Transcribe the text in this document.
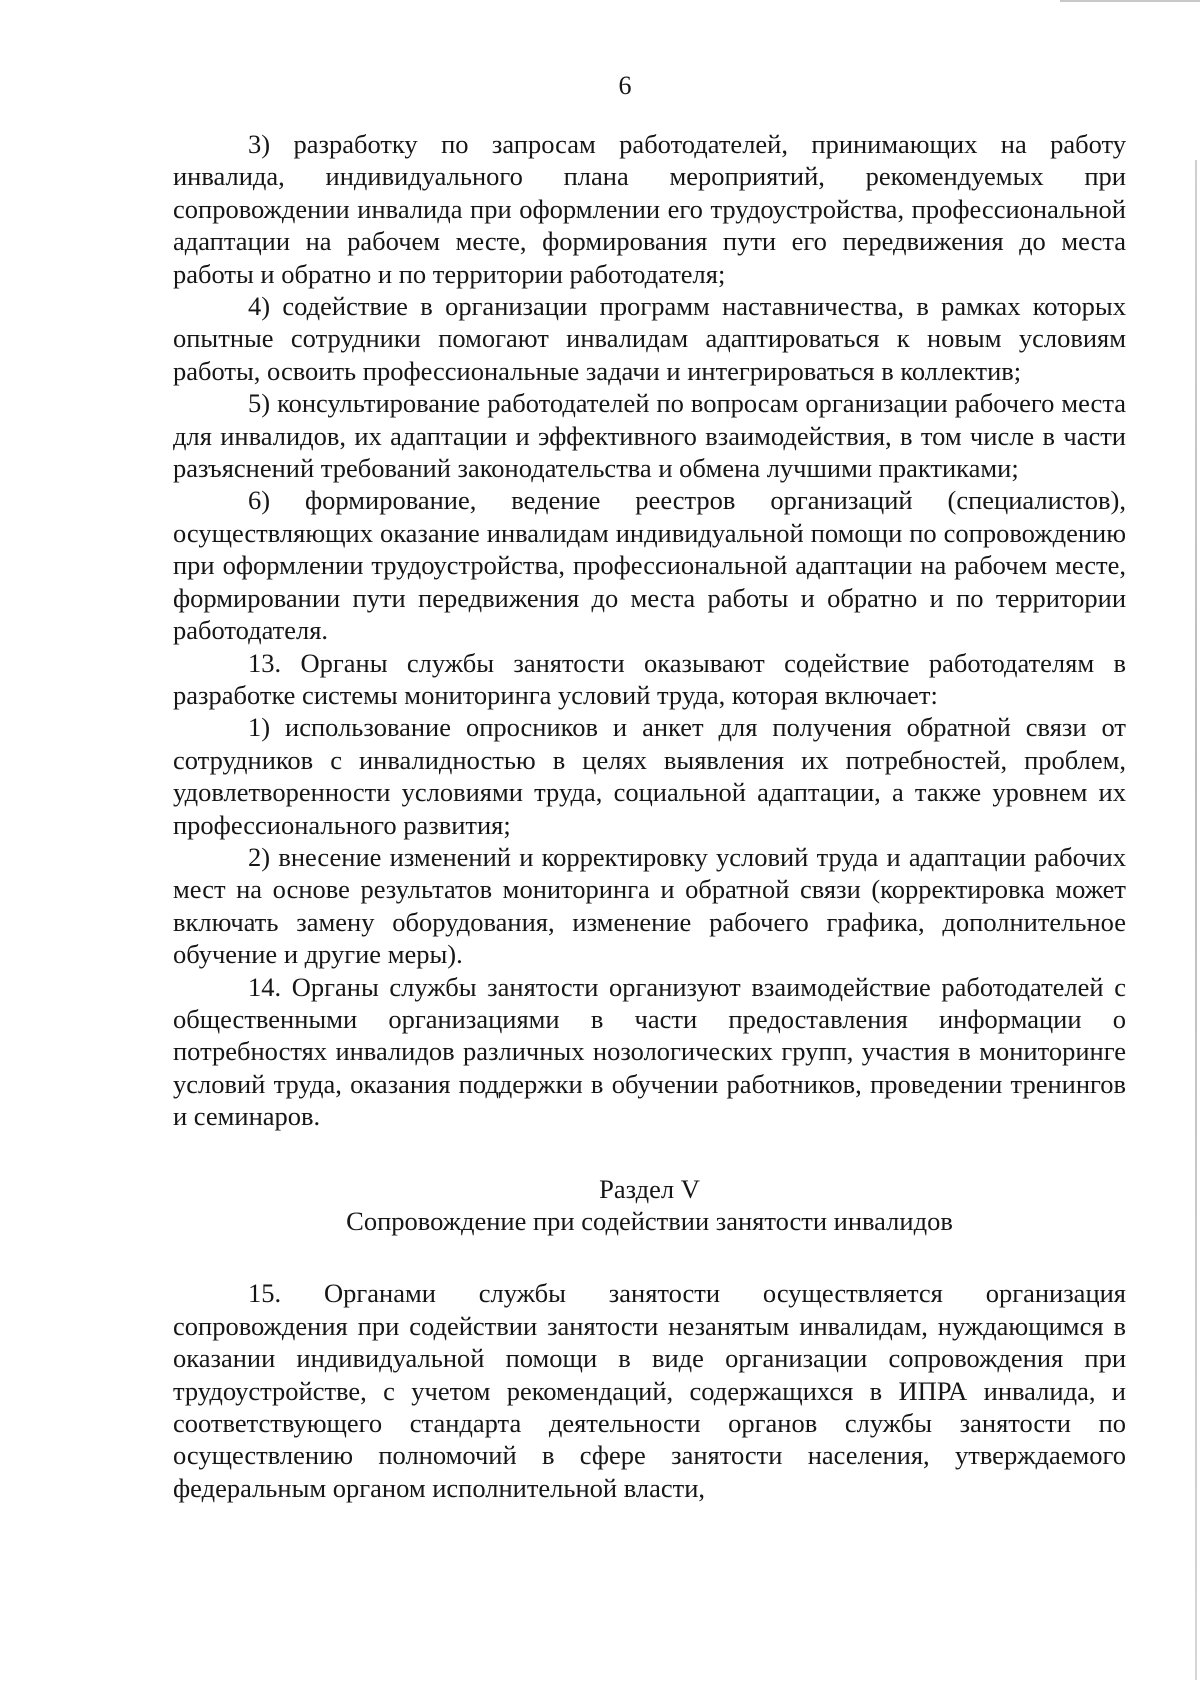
6

3) разработку по запросам работодателей, принимающих на работу инвалида, индивидуального плана мероприятий, рекомендуемых при сопровождении инвалида при оформлении его трудоустройства, профессиональной адаптации на рабочем месте, формирования пути его передвижения до места работы и обратно и по территории работодателя;

4) содействие в организации программ наставничества, в рамках которых опытные сотрудники помогают инвалидам адаптироваться к новым условиям работы, освоить профессиональные задачи и интегрироваться в коллектив;

5) консультирование работодателей по вопросам организации рабочего места для инвалидов, их адаптации и эффективного взаимодействия, в том числе в части разъяснений требований законодательства и обмена лучшими практиками;

6) формирование, ведение реестров организаций (специалистов), осуществляющих оказание инвалидам индивидуальной помощи по сопровождению при оформлении трудоустройства, профессиональной адаптации на рабочем месте, формировании пути передвижения до места работы и обратно и по территории работодателя.

13. Органы службы занятости оказывают содействие работодателям в разработке системы мониторинга условий труда, которая включает:

1) использование опросников и анкет для получения обратной связи от сотрудников с инвалидностью в целях выявления их потребностей, проблем, удовлетворенности условиями труда, социальной адаптации, а также уровнем их профессионального развития;

2) внесение изменений и корректировку условий труда и адаптации рабочих мест на основе результатов мониторинга и обратной связи (корректировка может включать замену оборудования, изменение рабочего графика, дополнительное обучение и другие меры).

14. Органы службы занятости организуют взаимодействие работодателей с общественными организациями в части предоставления информации о потребностях инвалидов различных нозологических групп, участия в мониторинге условий труда, оказания поддержки в обучении работников, проведении тренингов и семинаров.

Раздел V

Сопровождение при содействии занятости инвалидов

15. Органами службы занятости осуществляется организация сопровождения при содействии занятости незанятым инвалидам, нуждающимся в оказании индивидуальной помощи в виде организации сопровождения при трудоустройстве, с учетом рекомендаций, содержащихся в ИПРА инвалида, и соответствующего стандарта деятельности органов службы занятости по осуществлению полномочий в сфере занятости населения, утверждаемого федеральным органом исполнительной власти,
